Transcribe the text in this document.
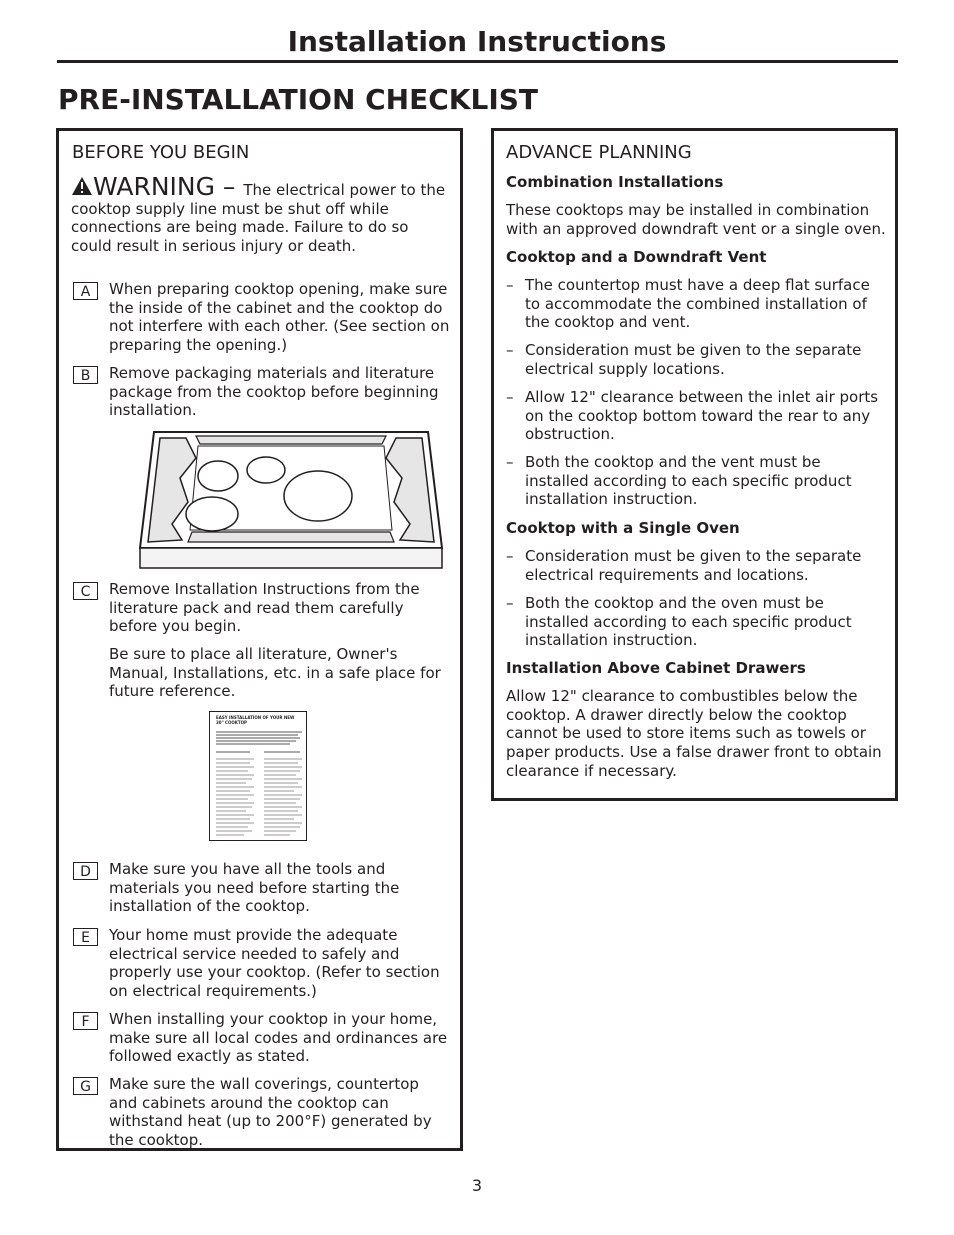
Installation Instructions
PRE-INSTALLATION CHECKLIST
BEFORE YOU BEGIN
WARNING – The electrical power to the cooktop supply line must be shut off while connections are being made. Failure to do so could result in serious injury or death.
A	When preparing cooktop opening, make sure the inside of the cabinet and the cooktop do not interfere with each other. (See section on preparing the opening.)
B	Remove packaging materials and literature package from the cooktop before beginning installation.
C	Remove Installation Instructions from the literature pack and read them carefully before you begin.
Be sure to place all literature, Owner's Manual, Installations, etc. in a safe place for future reference.
EASY INSTALLATION OF YOUR NEW 30" COOKTOP
D	Make sure you have all the tools and materials you need before starting the installation of the cooktop.
E	Your home must provide the adequate electrical service needed to safely and properly use your cooktop. (Refer to section on electrical requirements.)
F	When installing your cooktop in your home, make sure all local codes and ordinances are followed exactly as stated.
G	Make sure the wall coverings, countertop and cabinets around the cooktop can withstand heat (up to 200°F) generated by the cooktop.
ADVANCE PLANNING
Combination Installations
These cooktops may be installed in combination with an approved downdraft vent or a single oven.
Cooktop and a Downdraft Vent
– The countertop must have a deep flat surface to accommodate the combined installation of the cooktop and vent.
– Consideration must be given to the separate electrical supply locations.
– Allow 12" clearance between the inlet air ports on the cooktop bottom toward the rear to any obstruction.
– Both the cooktop and the vent must be installed according to each specific product installation instruction.
Cooktop with a Single Oven
– Consideration must be given to the separate electrical requirements and locations.
– Both the cooktop and the oven must be installed according to each specific product installation instruction.
Installation Above Cabinet Drawers
Allow 12" clearance to combustibles below the cooktop. A drawer directly below the cooktop cannot be used to store items such as towels or paper products. Use a false drawer front to obtain clearance if necessary.
3
